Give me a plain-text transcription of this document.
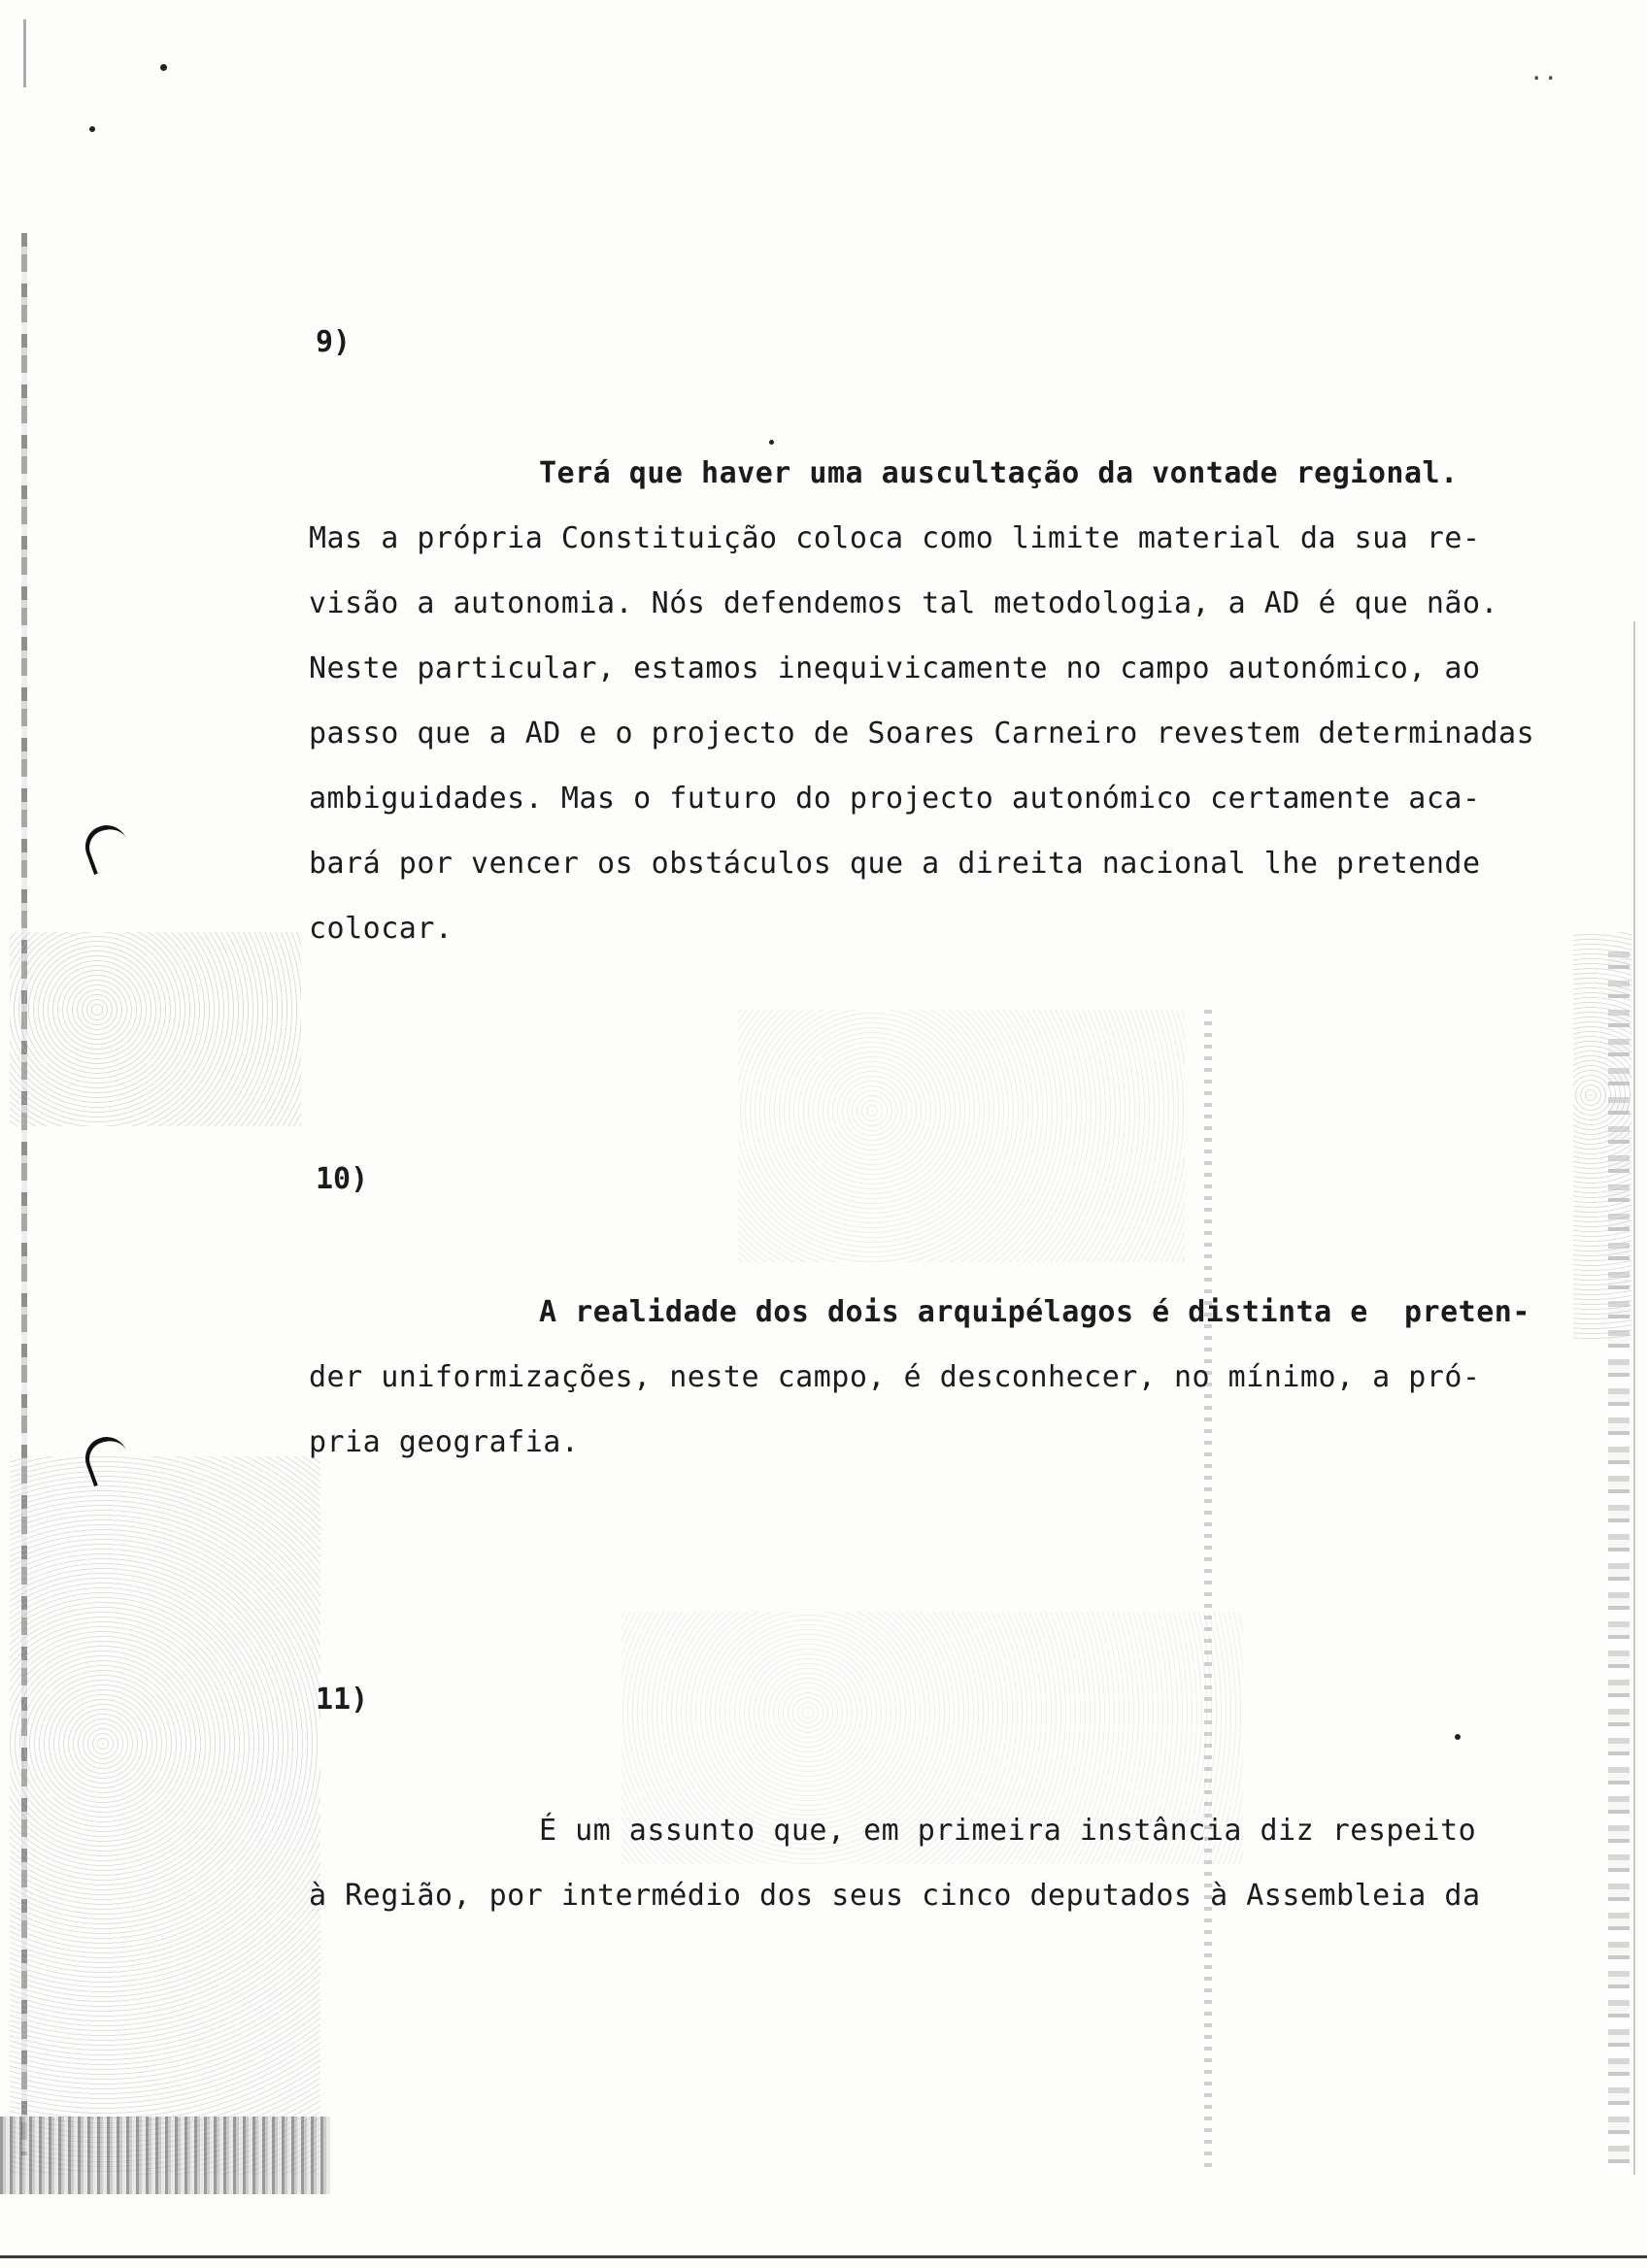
..
9)
Terá que haver uma auscultação da vontade regional.
Mas a própria Constituição coloca como limite material da sua re-
visão a autonomia. Nós defendemos tal metodologia, a AD é que não.
Neste particular, estamos inequivicamente no campo autonómico, ao
passo que a AD e o projecto de Soares Carneiro revestem determinadas
ambiguidades. Mas o futuro do projecto autonómico certamente aca-
bará por vencer os obstáculos que a direita nacional lhe pretende
colocar.
10)
A realidade dos dois arquipélagos é distinta e  preten-
der uniformizações, neste campo, é desconhecer, no mínimo, a pró-
pria geografia.
11)
É um assunto que, em primeira instância diz respeito
à Região, por intermédio dos seus cinco deputados à Assembleia da
